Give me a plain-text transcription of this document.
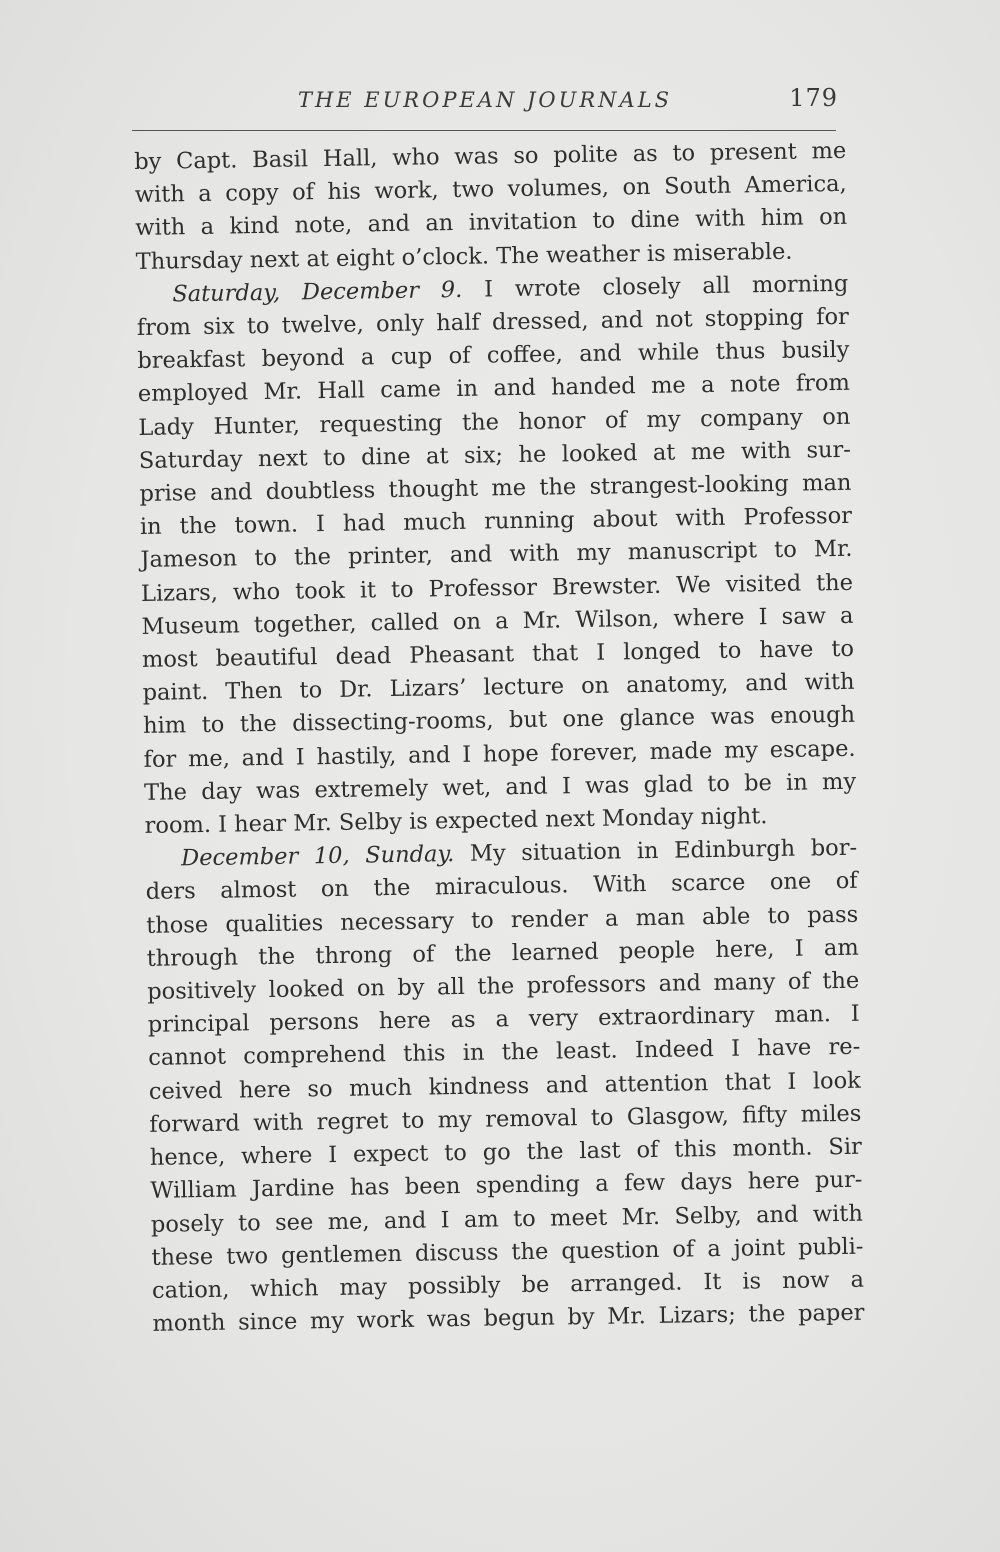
THE EUROPEAN JOURNALS	179
by Capt. Basil Hall, who was so polite as to present me
with a copy of his work, two volumes, on South America,
with a kind note, and an invitation to dine with him on
Thursday next at eight o’clock. The weather is miserable.
Saturday, December 9. I wrote closely all morning
from six to twelve, only half dressed, and not stopping for
breakfast beyond a cup of coffee, and while thus busily
employed Mr. Hall came in and handed me a note from
Lady Hunter, requesting the honor of my company on
Saturday next to dine at six; he looked at me with sur-
prise and doubtless thought me the strangest-looking man
in the town. I had much running about with Professor
Jameson to the printer, and with my manuscript to Mr.
Lizars, who took it to Professor Brewster. We visited the
Museum together, called on a Mr. Wilson, where I saw a
most beautiful dead Pheasant that I longed to have to
paint. Then to Dr. Lizars’ lecture on anatomy, and with
him to the dissecting-rooms, but one glance was enough
for me, and I hastily, and I hope forever, made my escape.
The day was extremely wet, and I was glad to be in my
room. I hear Mr. Selby is expected next Monday night.
December 10, Sunday. My situation in Edinburgh bor-
ders almost on the miraculous. With scarce one of
those qualities necessary to render a man able to pass
through the throng of the learned people here, I am
positively looked on by all the professors and many of the
principal persons here as a very extraordinary man. I
cannot comprehend this in the least. Indeed I have re-
ceived here so much kindness and attention that I look
forward with regret to my removal to Glasgow, fifty miles
hence, where I expect to go the last of this month. Sir
William Jardine has been spending a few days here pur-
posely to see me, and I am to meet Mr. Selby, and with
these two gentlemen discuss the question of a joint publi-
cation, which may possibly be arranged. It is now a
month since my work was begun by Mr. Lizars; the paper
